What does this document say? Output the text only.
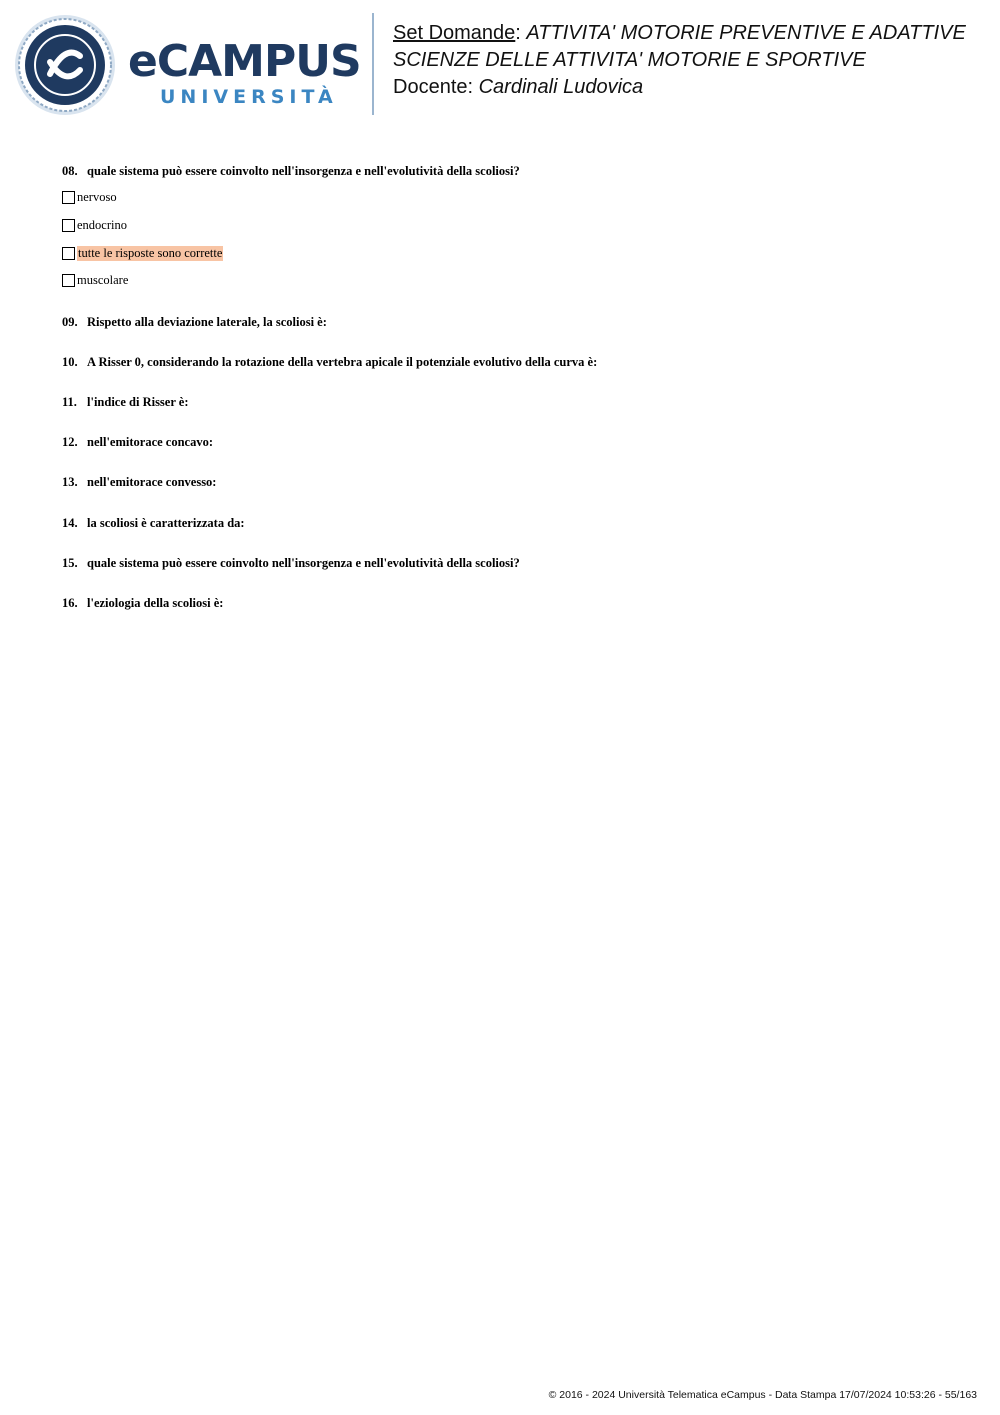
eCAMPUS
UNIVERSITÀ
Set Domande: ATTIVITA' MOTORIE PREVENTIVE E ADATTIVE
SCIENZE DELLE ATTIVITA' MOTORIE E SPORTIVE
Docente: Cardinali Ludovica
08. quale sistema può essere coinvolto nell'insorgenza e nell'evolutività della scoliosi?
nervoso
endocrino
tutte le risposte sono corrette
muscolare
09. Rispetto alla deviazione laterale, la scoliosi è:
10. A Risser 0, considerando la rotazione della vertebra apicale il potenziale evolutivo della curva è:
11. l'indice di Risser è:
12. nell'emitorace concavo:
13. nell'emitorace convesso:
14. la scoliosi è caratterizzata da:
15. quale sistema può essere coinvolto nell'insorgenza e nell'evolutività della scoliosi?
16. l'eziologia della scoliosi è:
© 2016 - 2024 Università Telematica eCampus - Data Stampa 17/07/2024 10:53:26 - 55/163
